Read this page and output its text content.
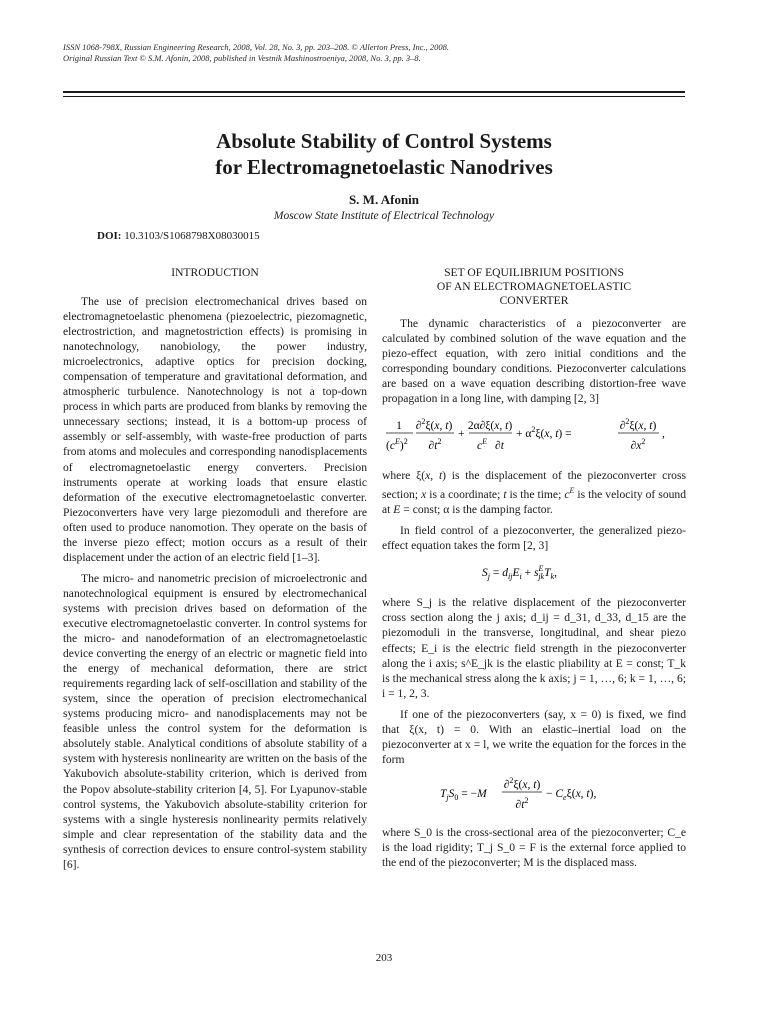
ISSN 1068-798X, Russian Engineering Research, 2008, Vol. 28, No. 3, pp. 203–208. © Allerton Press, Inc., 2008.
Original Russian Text © S.M. Afonin, 2008, published in Vestnik Mashinostroeniya, 2008, No. 3, pp. 3–8.
Absolute Stability of Control Systems
for Electromagnetoelastic Nanodrives
S. M. Afonin
Moscow State Institute of Electrical Technology
DOI: 10.3103/S1068798X08030015
INTRODUCTION

The use of precision electromechanical drives based on electromagnetoelastic phenomena (piezoelectric, piezomagnetic, electrostriction, and magnetostriction effects) is promising in nanotechnology, nanobiology, the power industry, microelectronics, adaptive optics for precision docking, compensation of temperature and gravitational deformation, and atmospheric turbulence. Nanotechnology is not a top-down process in which parts are produced from blanks by removing the unnecessary sections; instead, it is a bottom-up process of assembly or self-assembly, with waste-free production of parts from atoms and molecules and corresponding nanodisplacements of electromagnetoelastic energy converters. Precision instruments operate at working loads that ensure elastic deformation of the executive electromagnetoelastic converter. Piezoconverters have very large piezomoduli and therefore are often used to produce nanomotion. They operate on the basis of the inverse piezo effect; motion occurs as a result of their displacement under the action of an electric field [1–3].

The micro- and nanometric precision of microelectronic and nanotechnological equipment is ensured by electromechanical systems with precision drives based on deformation of the executive electromagnetoelastic converter. In control systems for the micro- and nanodeformation of an electromagnetoelastic device converting the energy of an electric or magnetic field into the energy of mechanical deformation, there are strict requirements regarding lack of self-oscillation and stability of the system, since the operation of precision electromechanical systems producing micro- and nanodisplacements may not be feasible unless the control system for the deformation is absolutely stable. Analytical conditions of absolute stability of a system with hysteresis nonlinearity are written on the basis of the Yakubovich absolute-stability criterion, which is derived from the Popov absolute-stability criterion [4, 5]. For Lyapunov-stable control systems, the Yakubovich absolute-stability criterion for systems with a single hysteresis nonlinearity permits relatively simple and clear representation of the stability data and the synthesis of correction devices to ensure control-system stability [6].

SET OF EQUILIBRIUM POSITIONS
OF AN ELECTROMAGNETOELASTIC
CONVERTER

The dynamic characteristics of a piezoconverter are calculated by combined solution of the wave equation and the piezo-effect equation, with zero initial conditions and the corresponding boundary conditions. Piezoconverter calculations are based on a wave equation describing distortion-free wave propagation in a long line, with damping [2, 3]

1
$(c^E)^2$
∂$^2$ξ(x, t)
$\partial t^2$
+
2α∂ξ(x, t)
$c^E$ ∂t
+ $\alpha^2\xi(x$, t) =
∂$^2$ξ(x, t)
$\partial x^2$
,

where ξ(x, t) is the displacement of the piezoconverter cross section; x is a coordinate; t is the time; $c^E$ is the velocity of sound at E = const; α is the damping factor.

In field control of a piezoconverter, the generalized piezo-effect equation takes the form [2, 3]

$S_j = d_{ij}E_i + s^E$ jkT$_k$,

where S_j is the relative displacement of the piezoconverter cross section along the j axis; d_ij = d_31, d_33, d_15 are the piezomoduli in the transverse, longitudinal, and shear piezo effects; E_i is the electric field strength in the piezoconverter along the i axis; s^E_jk is the elastic pliability at E = const; T_k is the mechanical stress along the k axis; j = 1, …, 6; k = 1, …, 6; i = 1, 2, 3.

If one of the piezoconverters (say, x = 0) is fixed, we find that ξ(x, t) = 0. With an elastic–inertial load on the piezoconverter at x = l, we write the equation for the forces in the form

$T_jS_0 = -M$
∂$^2$ξ(x, t)
$\partial t^2$
− $C_e\xi(x$, t),

where S_0 is the cross-sectional area of the piezoconverter; C_e is the load rigidity; T_j S_0 = F is the external force applied to the end of the piezoconverter; M is the displaced mass.

203
